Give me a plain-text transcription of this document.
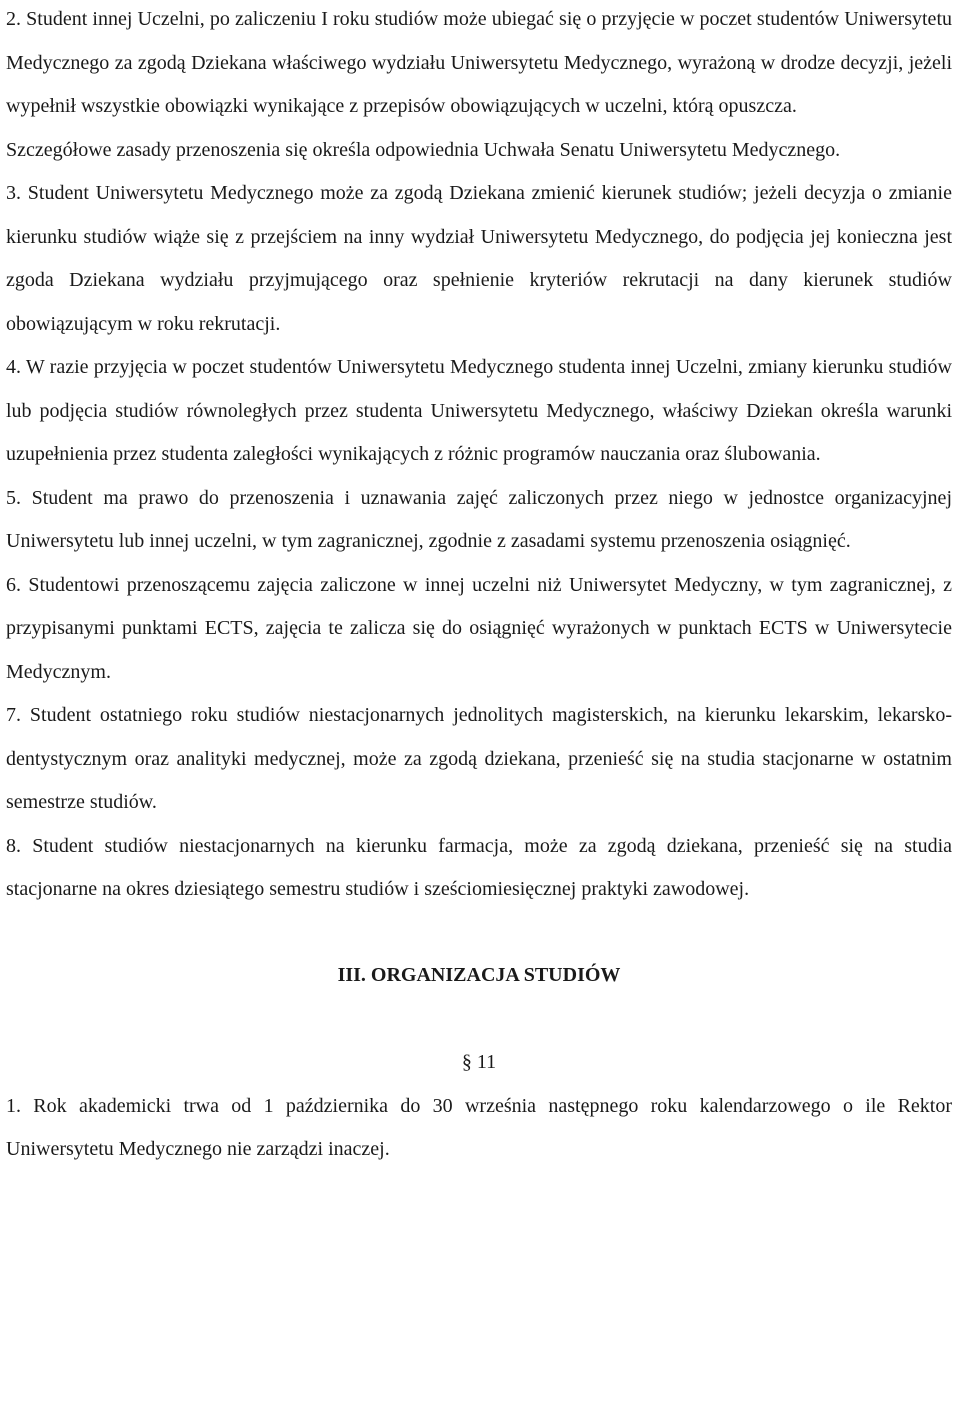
2. Student innej Uczelni, po zaliczeniu I roku studiów może ubiegać się o przyjęcie w poczet studentów Uniwersytetu Medycznego za zgodą Dziekana właściwego wydziału Uniwersytetu Medycznego, wyrażoną w drodze decyzji, jeżeli wypełnił wszystkie obowiązki wynikające z przepisów obowiązujących w uczelni, którą opuszcza.

Szczegółowe zasady przenoszenia się określa odpowiednia Uchwała Senatu Uniwersytetu Medycznego.

3. Student Uniwersytetu Medycznego może za zgodą Dziekana zmienić kierunek studiów; jeżeli decyzja o zmianie kierunku studiów wiąże się z przejściem na inny wydział Uniwersytetu Medycznego, do podjęcia jej konieczna jest zgoda Dziekana wydziału przyjmującego oraz spełnienie kryteriów rekrutacji na dany kierunek studiów obowiązującym w roku rekrutacji.

4. W razie przyjęcia w poczet studentów Uniwersytetu Medycznego studenta innej Uczelni, zmiany kierunku studiów lub podjęcia studiów równoległych przez studenta Uniwersytetu Medycznego, właściwy Dziekan określa warunki uzupełnienia przez studenta zaległości wynikających z różnic programów nauczania oraz ślubowania.

5. Student ma prawo do przenoszenia i uznawania zajęć zaliczonych przez niego w jednostce organizacyjnej Uniwersytetu lub innej uczelni, w tym zagranicznej, zgodnie z zasadami systemu przenoszenia osiągnięć.

6. Studentowi przenoszącemu zajęcia zaliczone w innej uczelni niż Uniwersytet Medyczny, w tym zagranicznej, z przypisanymi punktami ECTS, zajęcia te zalicza się do osiągnięć wyrażonych w punktach ECTS w Uniwersytecie Medycznym.

7. Student ostatniego roku studiów niestacjonarnych jednolitych magisterskich, na kierunku lekarskim, lekarsko-dentystycznym oraz analityki medycznej, może za zgodą dziekana, przenieść się na studia stacjonarne w ostatnim semestrze studiów.

8. Student studiów niestacjonarnych na kierunku farmacja, może za zgodą dziekana, przenieść się na studia stacjonarne na okres dziesiątego semestru studiów i sześciomiesięcznej praktyki zawodowej.

III. ORGANIZACJA STUDIÓW

§ 11

1. Rok akademicki trwa od 1 października do 30 września następnego roku kalendarzowego o ile Rektor Uniwersytetu Medycznego nie zarządzi inaczej.
